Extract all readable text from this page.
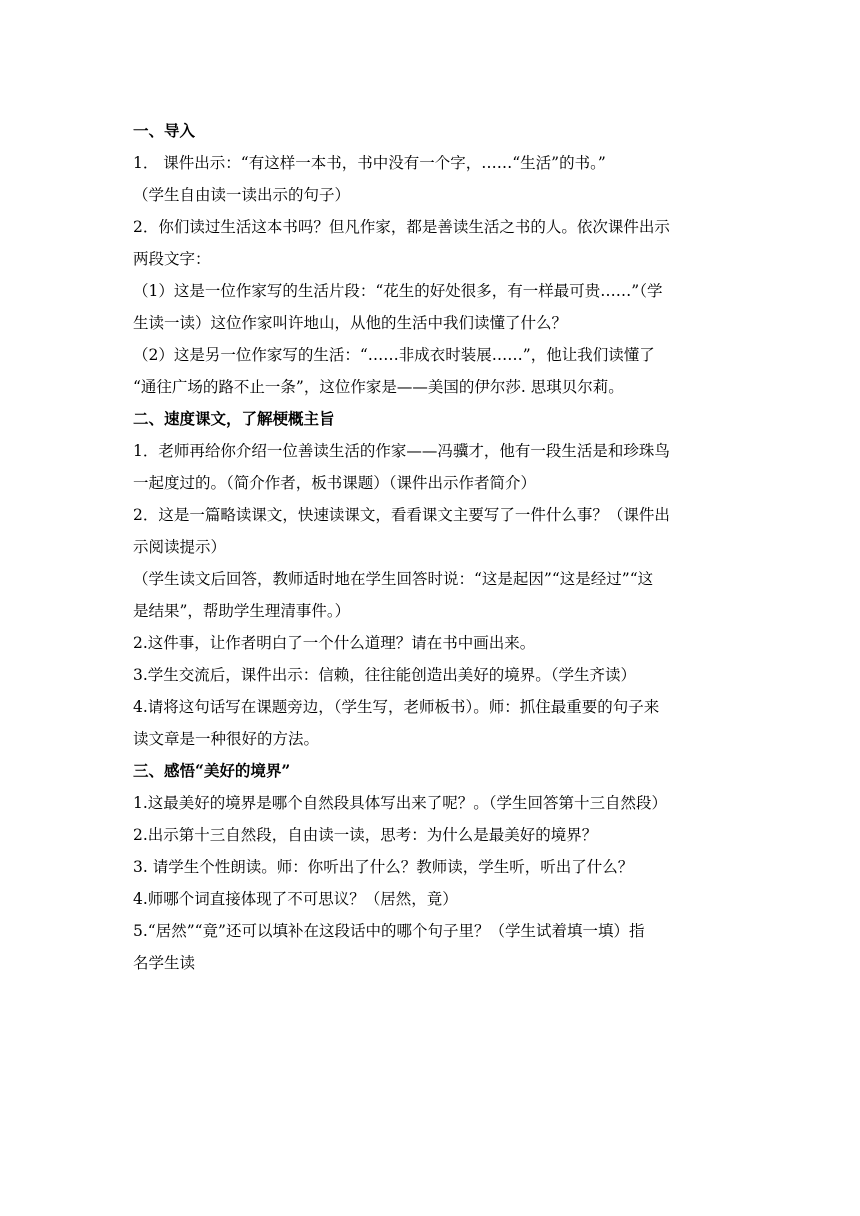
一、导入
1． 课件出示：“有这样一本书，书中没有一个字，……“生活”的书。”
（学生自由读一读出示的句子）
2．你们读过生活这本书吗？但凡作家，都是善读生活之书的人。依次课件出示
两段文字：
（1）这是一位作家写的生活片段：“花生的好处很多，有一样最可贵……”（学
生读一读）这位作家叫许地山，从他的生活中我们读懂了什么？
（2）这是另一位作家写的生活：“……非成衣时装展……”，他让我们读懂了
“通往广场的路不止一条”，这位作家是——美国的伊尔莎. 思琪贝尔莉。
二、速度课文，了解梗概主旨
1．老师再给你介绍一位善读生活的作家——冯骥才，他有一段生活是和珍珠鸟
一起度过的。（简介作者，板书课题）（课件出示作者简介）
2．这是一篇略读课文，快速读课文，看看课文主要写了一件什么事？（课件出
示阅读提示）
（学生读文后回答，教师适时地在学生回答时说：“这是起因”“这是经过”“这
是结果”，帮助学生理清事件。）
2.这件事，让作者明白了一个什么道理？请在书中画出来。
3.学生交流后，课件出示：信赖，往往能创造出美好的境界。（学生齐读）
4.请将这句话写在课题旁边，（学生写，老师板书）。师：抓住最重要的句子来
读文章是一种很好的方法。
三、感悟“美好的境界”
1.这最美好的境界是哪个自然段具体写出来了呢？。（学生回答第十三自然段）
2.出示第十三自然段，自由读一读，思考：为什么是最美好的境界？
3. 请学生个性朗读。师：你听出了什么？教师读，学生听，听出了什么？
4.师哪个词直接体现了不可思议？（居然，竟）
5.“居然”“竟”还可以填补在这段话中的哪个句子里？（学生试着填一填）指
名学生读
